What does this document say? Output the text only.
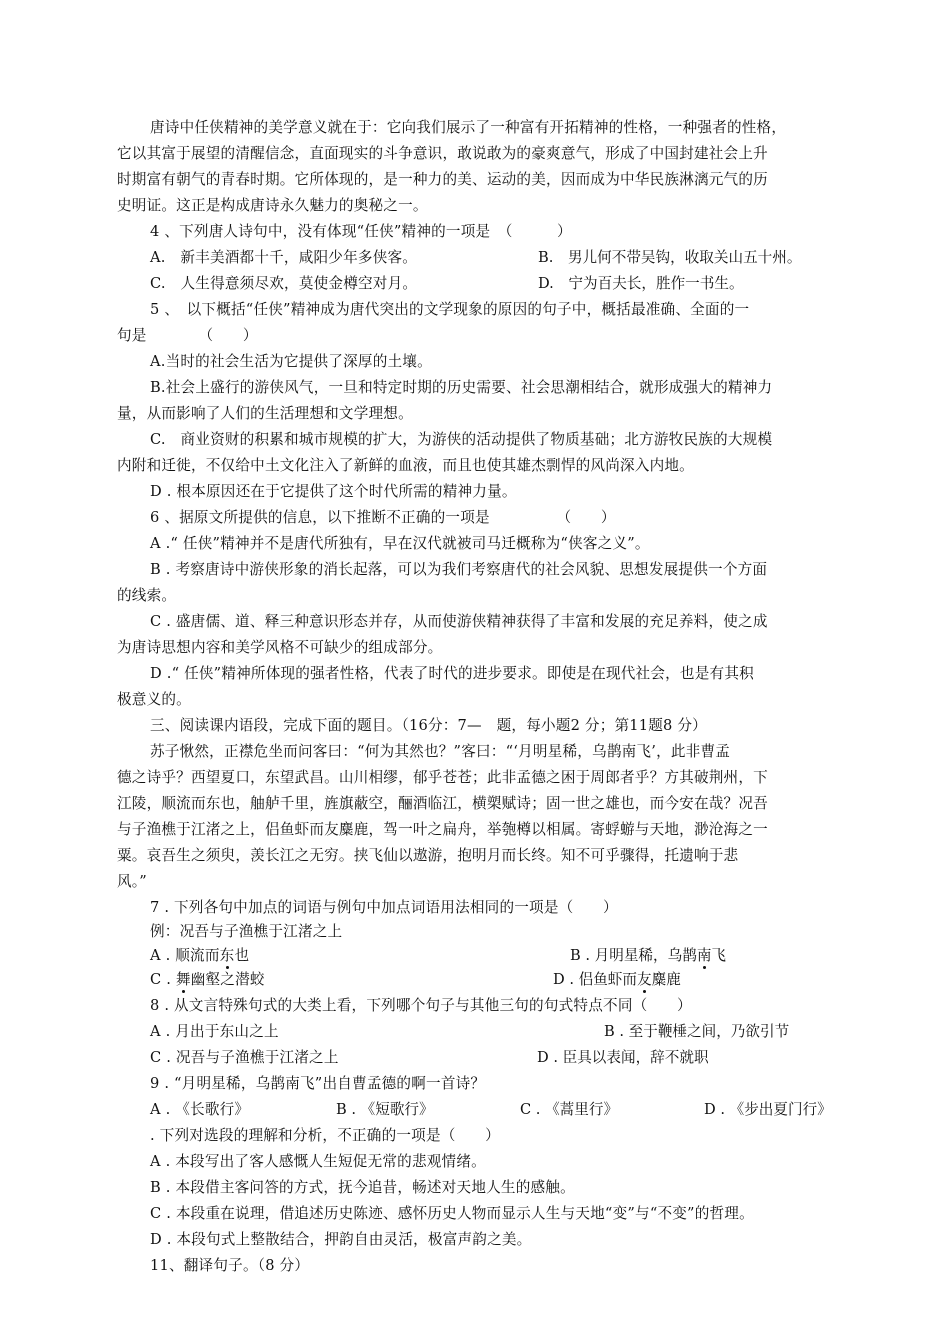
唐诗中任侠精神的美学意义就在于：它向我们展示了一种富有开拓精神的性格，一种强者的性格，
它以其富于展望的清醒信念，直面现实的斗争意识，敢说敢为的豪爽意气，形成了中国封建社会上升
时期富有朝气的青春时期。它所体现的，是一种力的美、运动的美，因而成为中华民族淋漓元气的历
史明证。这正是构成唐诗永久魅力的奥秘之一。
4 、下列唐人诗句中，没有体现“任侠”精神的一项是　（　　　）
A.　新丰美酒都十千，咸阳少年多侠客。	B.　男儿何不带吴钩，收取关山五十州。
C.　人生得意须尽欢，莫使金樽空对月。	D.　宁为百夫长，胜作一书生。
5 、　以下概括“任侠”精神成为唐代突出的文学现象的原因的句子中，概括最准确、全面的一
句是　　　　（　　）
A.当时的社会生活为它提供了深厚的土壤。
B.社会上盛行的游侠风气，一旦和特定时期的历史需要、社会思潮相结合，就形成强大的精神力
量，从而影响了人们的生活理想和文学理想。
C.　商业资财的积累和城市规模的扩大，为游侠的活动提供了物质基础；北方游牧民族的大规模
内附和迁徙，不仅给中土文化注入了新鲜的血液，而且也使其雄杰剽悍的风尚深入内地。
D . 根本原因还在于它提供了这个时代所需的精神力量。
6 、据原文所提供的信息，以下推断不正确的一项是　　　　　（　　）
A .“ 任侠”精神并不是唐代所独有，早在汉代就被司马迁概称为“侠客之义”。
B . 考察唐诗中游侠形象的消长起落，可以为我们考察唐代的社会风貌、思想发展提供一个方面
的线索。
C . 盛唐儒、道、释三种意识形态并存，从而使游侠精神获得了丰富和发展的充足养料，使之成
为唐诗思想内容和美学风格不可缺少的组成部分。
D .“ 任侠”精神所体现的强者性格，代表了时代的进步要求。即使是在现代社会，也是有其积
极意义的。
三、阅读课内语段，完成下面的题目。（16分：7—　题，每小题2 分；第11题8 分）
苏子愀然，正襟危坐而问客曰：“何为其然也？”客曰：“‘月明星稀，乌鹊南飞’，此非曹孟
德之诗乎？西望夏口，东望武昌。山川相缪，郁乎苍苍；此非孟德之困于周郎者乎？方其破荆州，下
江陵，顺流而东也，舳舻千里，旌旗蔽空，酾酒临江，横槊赋诗；固一世之雄也，而今安在哉？况吾
与子渔樵于江渚之上，侣鱼虾而友麋鹿，驾一叶之扁舟，举匏樽以相属。寄蜉蝣与天地，渺沧海之一
粟。哀吾生之须臾，羡长江之无穷。挟飞仙以遨游，抱明月而长终。知不可乎骤得，托遗响于悲
风。”
7 . 下列各句中加点的词语与例句中加点词语用法相同的一项是（　　）
例：况吾与子渔樵于江渚之上
A . 顺流而东也	B . 月明星稀，乌鹊南飞
C . 舞幽壑之潜蛟	D . 侣鱼虾而友麋鹿
8 . 从文言特殊句式的大类上看，下列哪个句子与其他三句的句式特点不同（　　）
A . 月出于东山之上	B . 至于鞭棰之间，乃欲引节
C . 况吾与子渔樵于江渚之上	D . 臣具以表闻，辞不就职
9 . “月明星稀，乌鹊南飞”出自曹孟德的啊一首诗？
A . 《长歌行》	B . 《短歌行》	C . 《蒿里行》	D . 《步出夏门行》
. 下列对选段的理解和分析，不正确的一项是（　　）
A . 本段写出了客人感慨人生短促无常的悲观情绪。
B . 本段借主客问答的方式，抚今追昔，畅述对天地人生的感触。
C . 本段重在说理，借追述历史陈迹、感怀历史人物而显示人生与天地“变”与“不变”的哲理。
D . 本段句式上整散结合，押韵自由灵活，极富声韵之美。
11、翻译句子。（8 分）
